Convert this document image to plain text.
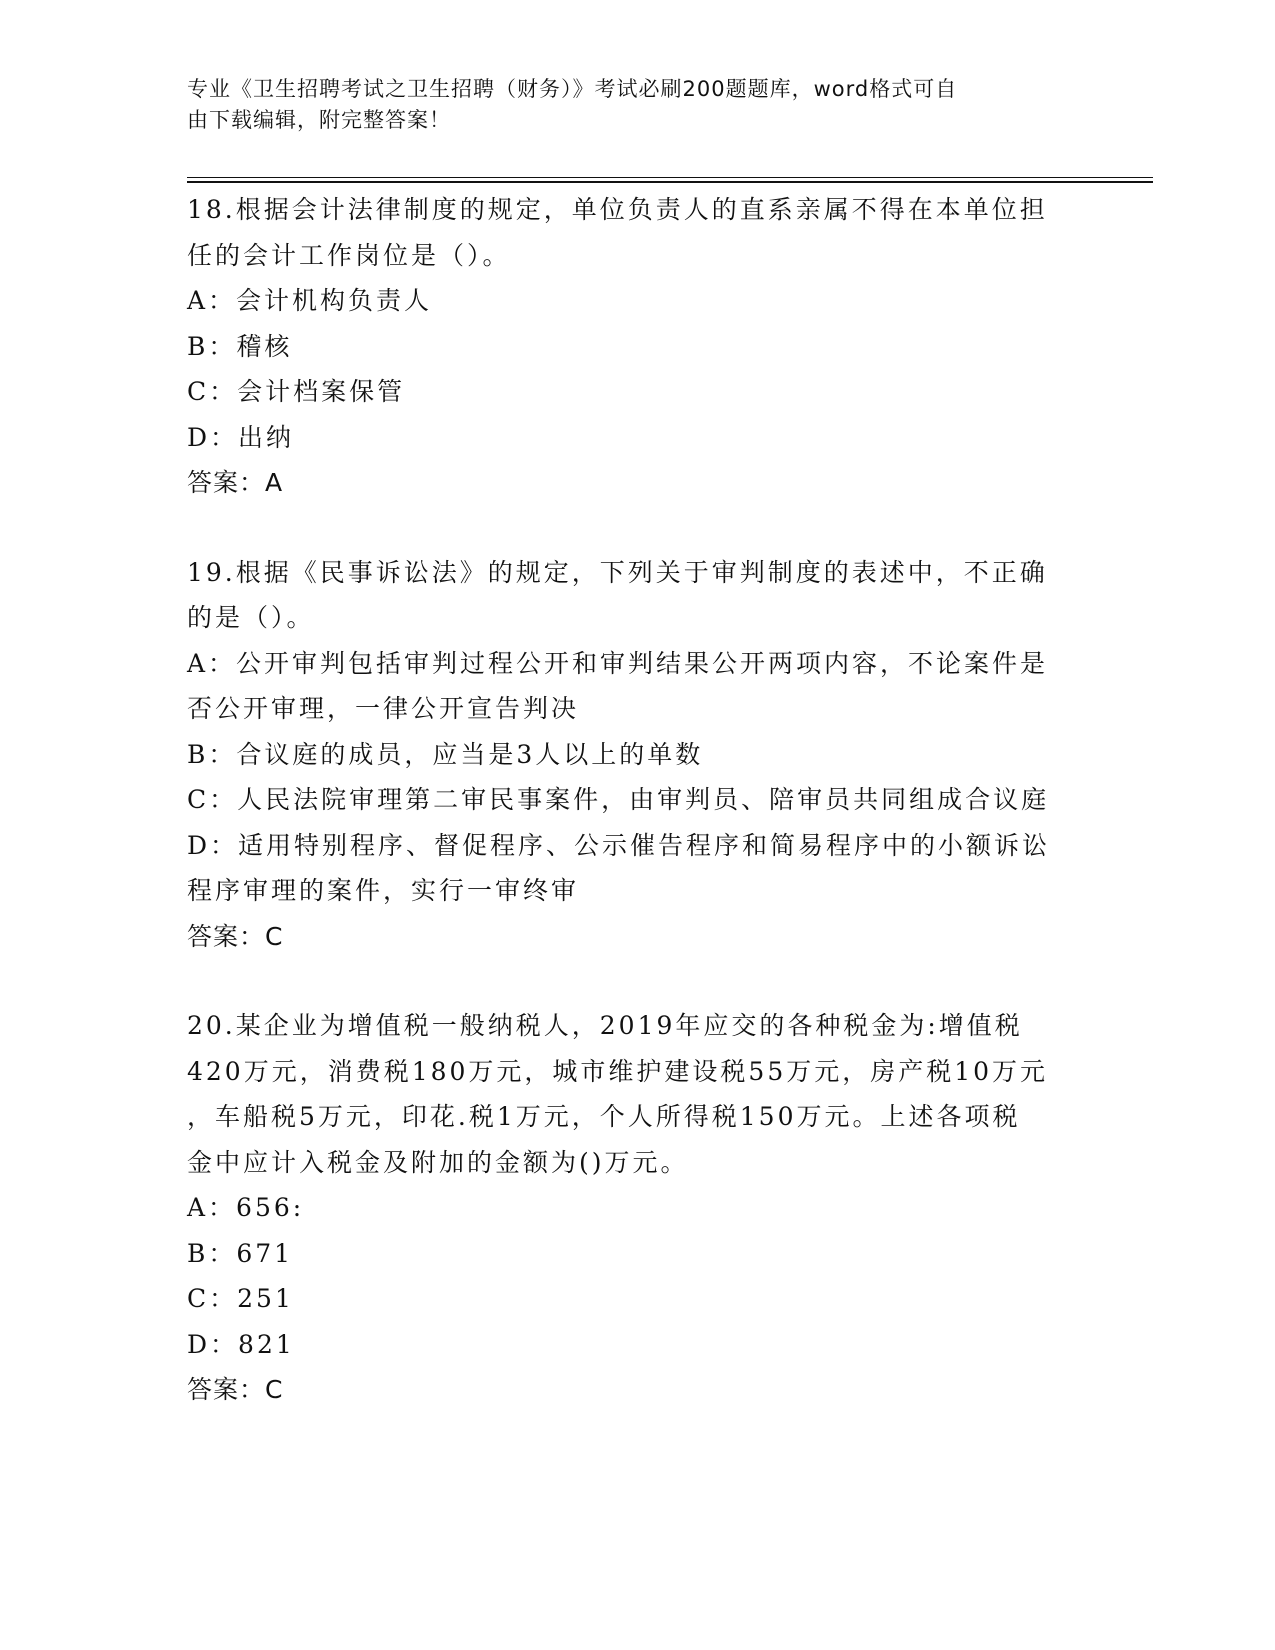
专业《卫生招聘考试之卫生招聘（财务）》考试必刷200题题库，word格式可自
由下载编辑，附完整答案！
18.根据会计法律制度的规定，单位负责人的直系亲属不得在本单位担
任的会计工作岗位是（）。
A：会计机构负责人
B：稽核
C：会计档案保管
D：出纳
答案：A
19.根据《民事诉讼法》的规定，下列关于审判制度的表述中，不正确
的是（）。
A：公开审判包括审判过程公开和审判结果公开两项内容，不论案件是
否公开审理，一律公开宣告判决
B：合议庭的成员，应当是3人以上的单数
C：人民法院审理第二审民事案件，由审判员、陪审员共同组成合议庭
D：适用特别程序、督促程序、公示催告程序和简易程序中的小额诉讼
程序审理的案件，实行一审终审
答案：C
20.某企业为增值税一般纳税人，2019年应交的各种税金为:增值税
420万元，消费税180万元，城市维护建设税55万元，房产税10万元
，车船税5万元，印花.税1万元，个人所得税150万元。上述各项税
金中应计入税金及附加的金额为()万元。
A：656:
B：671
C：251
D：821
答案：C
